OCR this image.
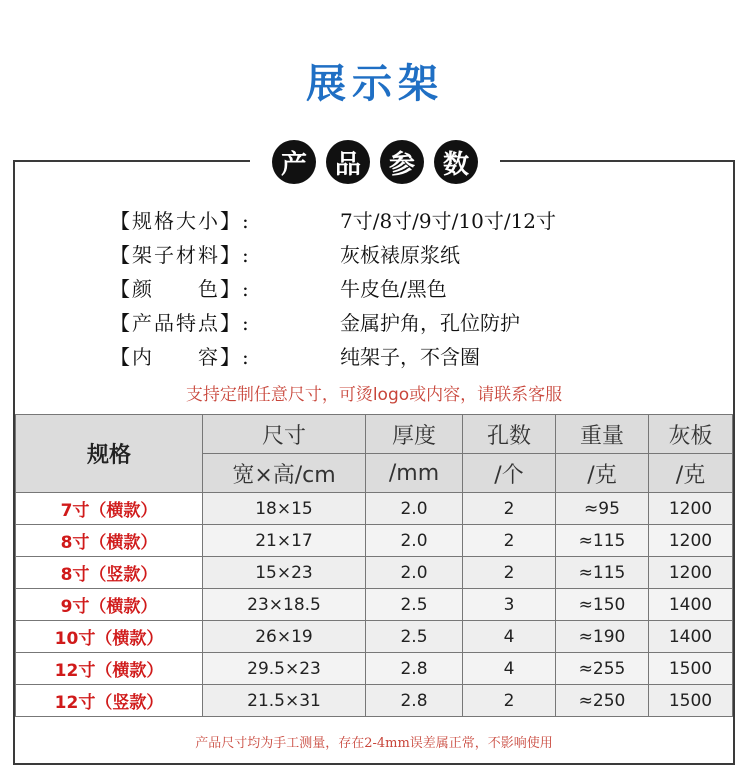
展示架
产	品	参	数
【规格大小】:	7寸/8寸/9寸/10寸/12寸
【架子材料】:	灰板裱原浆纸
【颜　　色】:	牛皮色/黑色
【产品特点】:	金属护角，孔位防护
【内　　容】:	纯架子，不含圈
支持定制任意尺寸，可烫logo或内容，请联系客服
规格	尺寸	厚度	孔数	重量	灰板
	宽×高/cm	/mm	/个	/克	/克
7寸（横款）	18×15	2.0	2	≈95	1200
8寸（横款）	21×17	2.0	2	≈115	1200
8寸（竖款）	15×23	2.0	2	≈115	1200
9寸（横款）	23×18.5	2.5	3	≈150	1400
10寸（横款）	26×19	2.5	4	≈190	1400
12寸（横款）	29.5×23	2.8	4	≈255	1500
12寸（竖款）	21.5×31	2.8	2	≈250	1500
产品尺寸均为手工测量，存在2-4mm误差属正常，不影响使用
